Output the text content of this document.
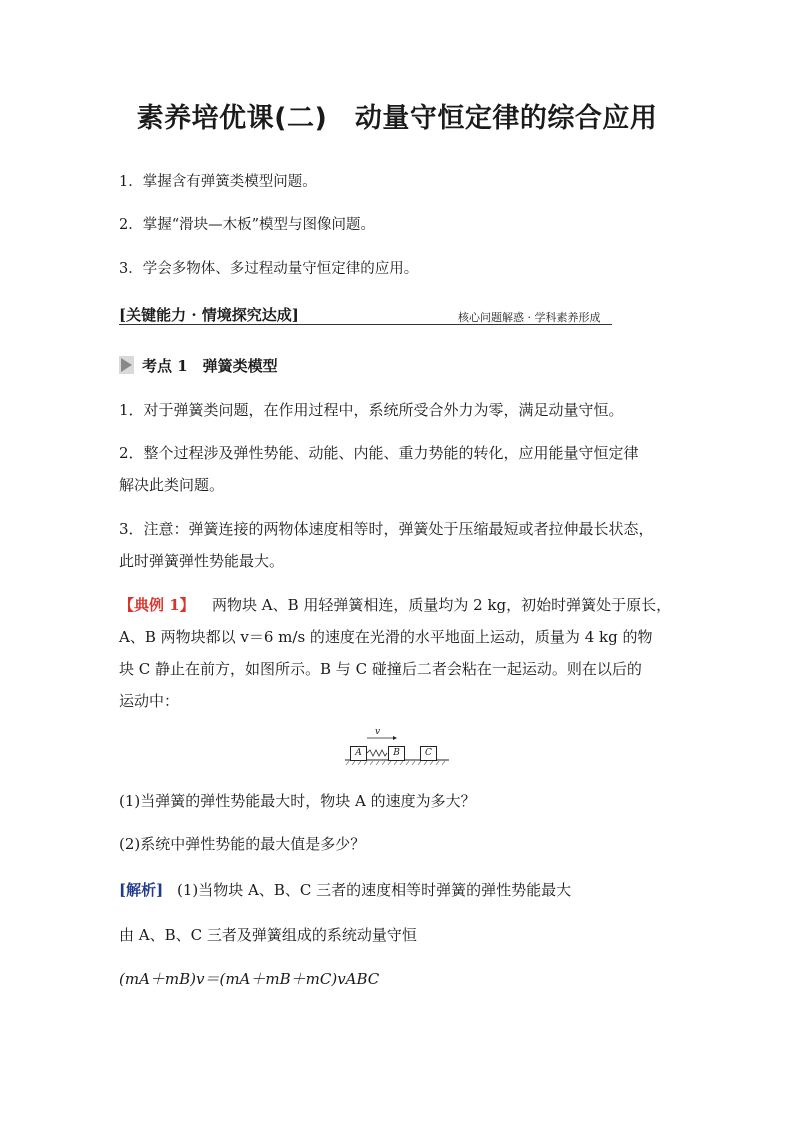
素养培优课(二)　动量守恒定律的综合应用
1．掌握含有弹簧类模型问题。
2．掌握“滑块—木板”模型与图像问题。
3．学会多物体、多过程动量守恒定律的应用。
[关键能力 · 情境探究达成]	核心问题解惑 · 学科素养形成
考点 1　弹簧类模型
1．对于弹簧类问题，在作用过程中，系统所受合外力为零，满足动量守恒。
2．整个过程涉及弹性势能、动能、内能、重力势能的转化，应用能量守恒定律
解决此类问题。
3．注意：弹簧连接的两物体速度相等时，弹簧处于压缩最短或者拉伸最长状态，
此时弹簧弹性势能最大。
【典例 1】 两物块 A、B 用轻弹簧相连，质量均为 2 kg，初始时弹簧处于原长，
A、B 两物块都以 v＝6 m/s 的速度在光滑的水平地面上运动，质量为 4 kg 的物
块 C 静止在前方，如图所示。B 与 C 碰撞后二者会粘在一起运动。则在以后的
运动中：
v
A	B	C
(1)当弹簧的弹性势能最大时，物块 A 的速度为多大？
(2)系统中弹性势能的最大值是多少？
[解析] (1)当物块 A、B、C 三者的速度相等时弹簧的弹性势能最大
由 A、B、C 三者及弹簧组成的系统动量守恒
(mA＋mB)v＝(mA＋mB＋mC)vABC
